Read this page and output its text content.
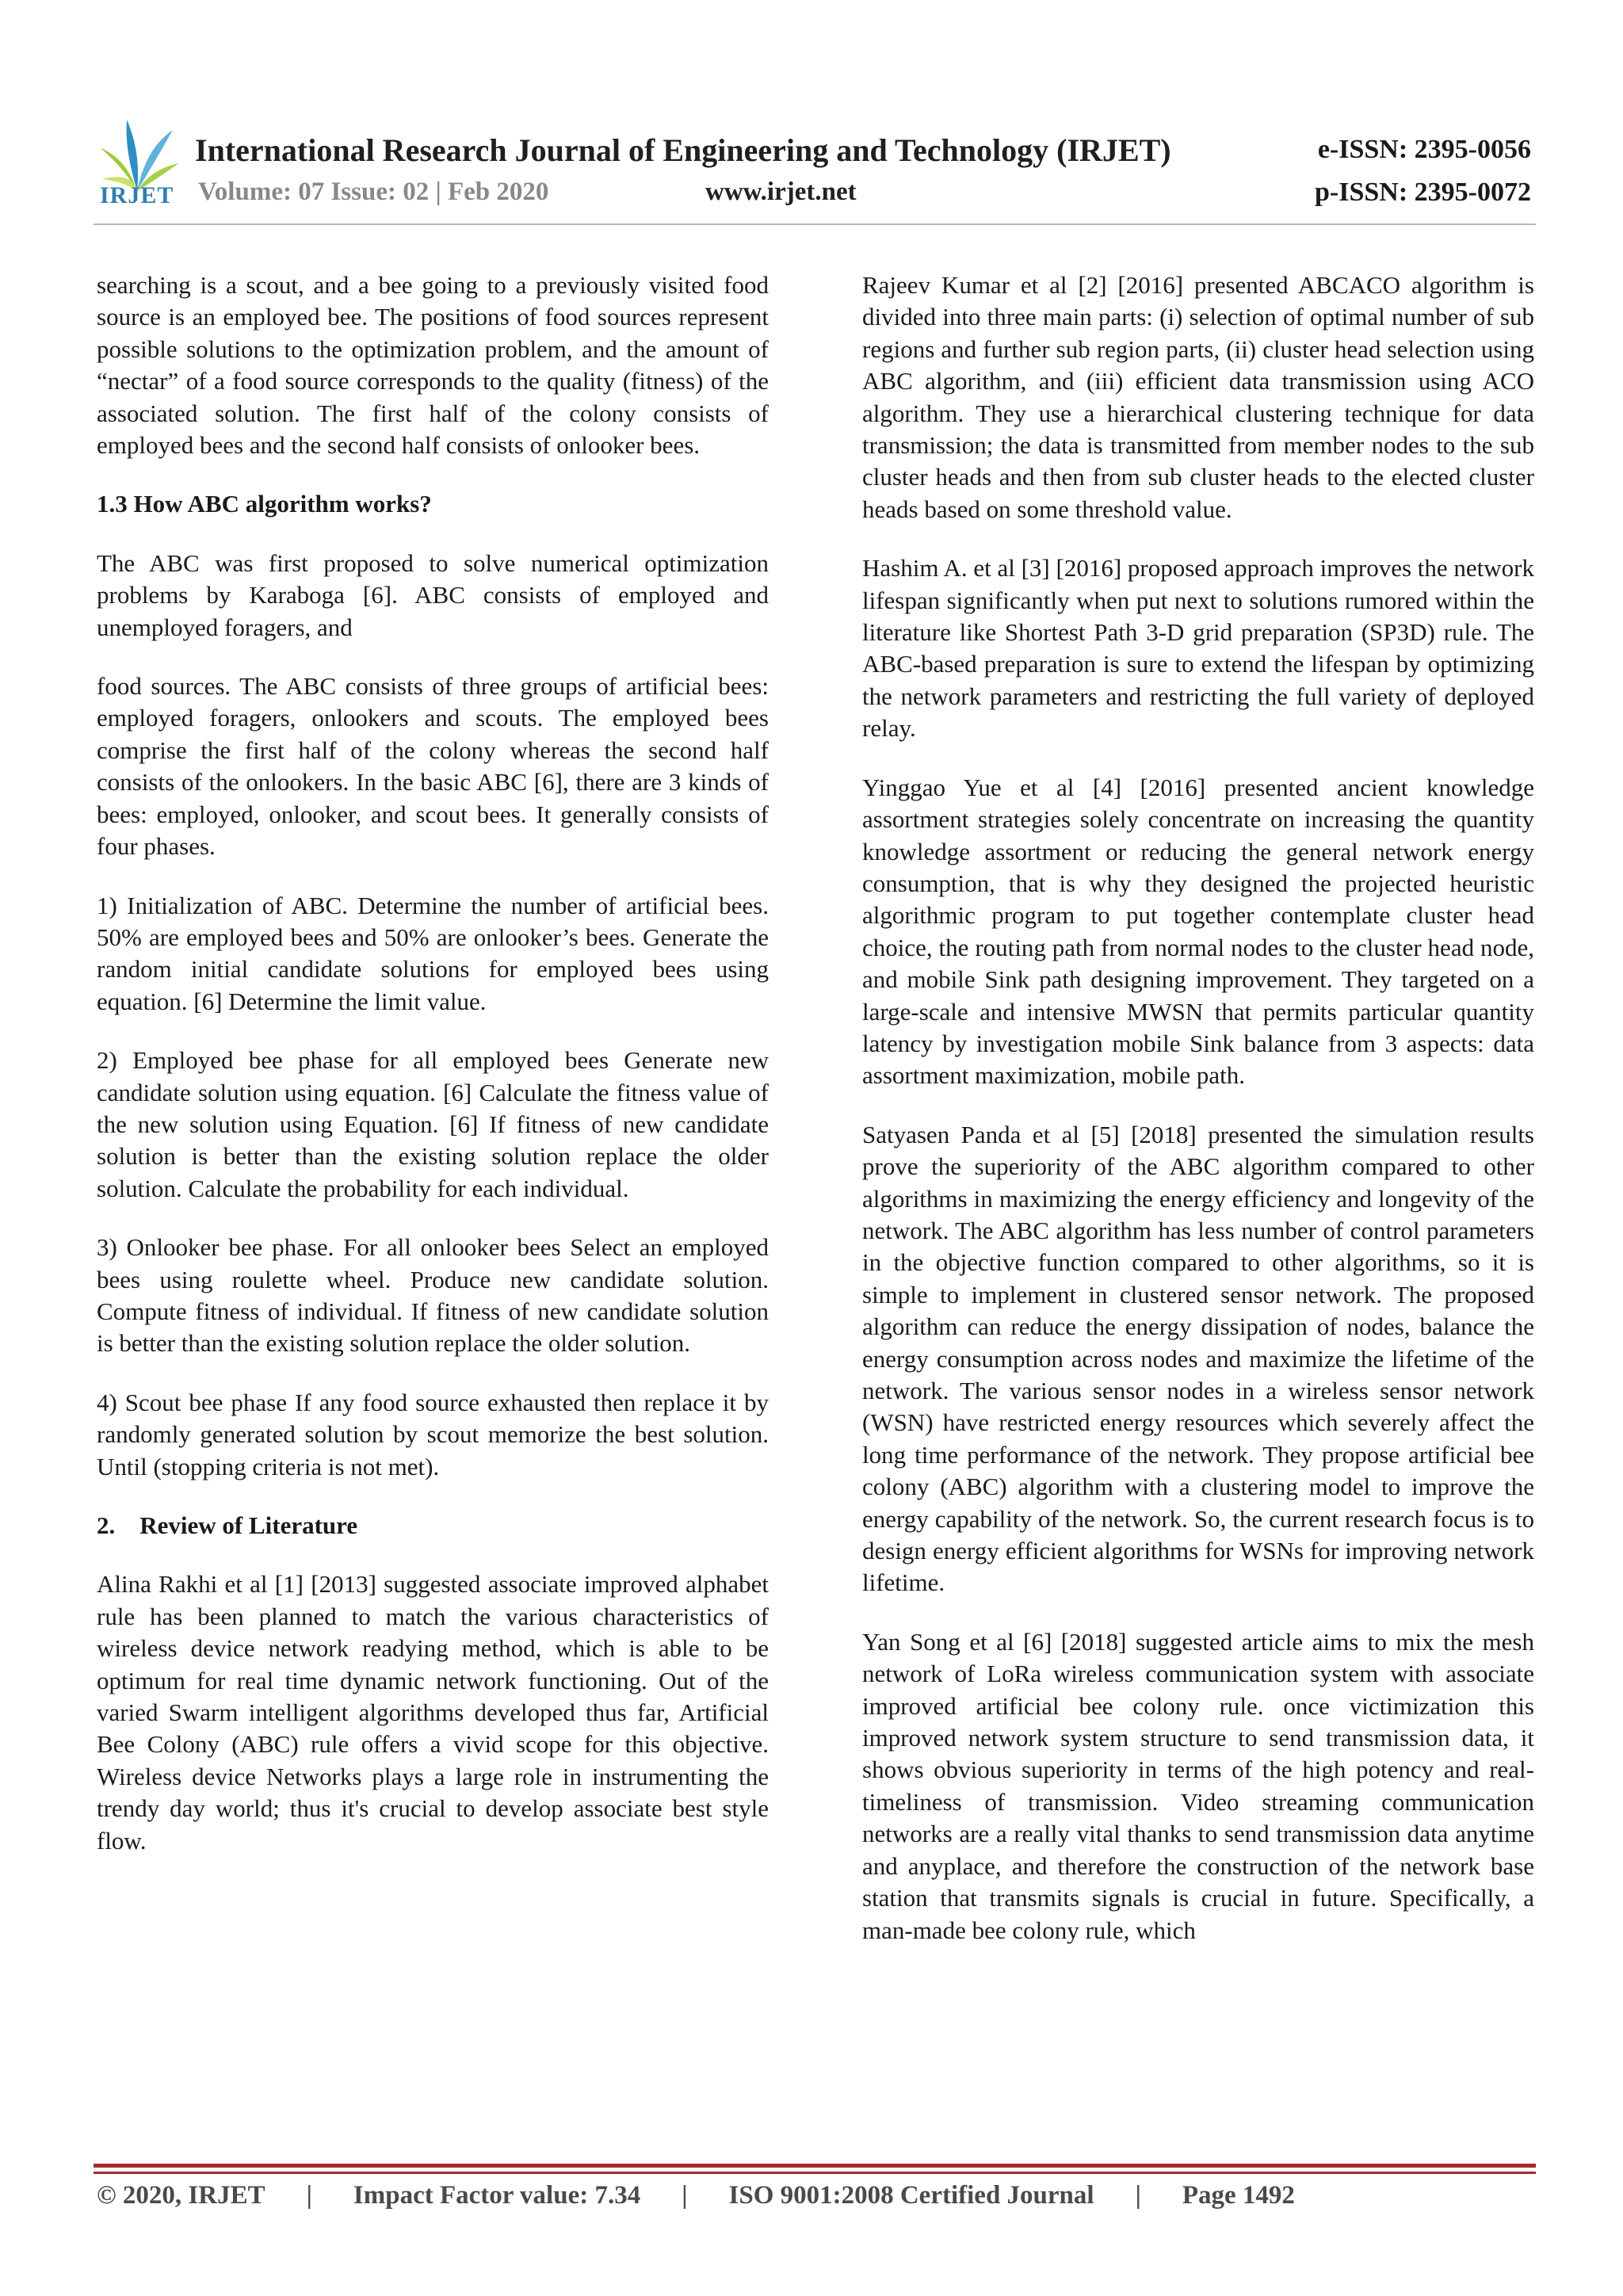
IRJET
International Research Journal of Engineering and Technology (IRJET)	e-ISSN: 2395-0056
Volume: 07 Issue: 02 | Feb 2020	www.irjet.net	p-ISSN: 2395-0072

searching is a scout, and a bee going to a previously visited food source is an employed bee. The positions of food sources represent possible solutions to the optimization problem, and the amount of “nectar” of a food source corresponds to the quality (fitness) of the associated solution. The first half of the colony consists of employed bees and the second half consists of onlooker bees.

1.3 How ABC algorithm works?

The ABC was first proposed to solve numerical optimization problems by Karaboga [6]. ABC consists of employed and unemployed foragers, and

food sources. The ABC consists of three groups of artificial bees: employed foragers, onlookers and scouts. The employed bees comprise the first half of the colony whereas the second half consists of the onlookers. In the basic ABC [6], there are 3 kinds of bees: employed, onlooker, and scout bees. It generally consists of four phases.

1) Initialization of ABC. Determine the number of artificial bees. 50% are employed bees and 50% are onlooker’s bees. Generate the random initial candidate solutions for employed bees using equation. [6] Determine the limit value.

2) Employed bee phase for all employed bees Generate new candidate solution using equation. [6] Calculate the fitness value of the new solution using Equation. [6] If fitness of new candidate solution is better than the existing solution replace the older solution. Calculate the probability for each individual.

3) Onlooker bee phase. For all onlooker bees Select an employed bees using roulette wheel. Produce new candidate solution. Compute fitness of individual. If fitness of new candidate solution is better than the existing solution replace the older solution.

4) Scout bee phase If any food source exhausted then replace it by randomly generated solution by scout memorize the best solution. Until (stopping criteria is not met).

2.    Review of Literature

Alina Rakhi et al [1] [2013] suggested associate improved alphabet rule has been planned to match the various characteristics of wireless device network readying method, which is able to be optimum for real time dynamic network functioning. Out of the varied Swarm intelligent algorithms developed thus far, Artificial Bee Colony (ABC) rule offers a vivid scope for this objective. Wireless device Networks plays a large role in instrumenting the trendy day world; thus it's crucial to develop associate best style flow.

Rajeev Kumar et al [2] [2016] presented ABCACO algorithm is divided into three main parts: (i) selection of optimal number of sub regions and further sub region parts, (ii) cluster head selection using ABC algorithm, and (iii) efficient data transmission using ACO algorithm. They use a hierarchical clustering technique for data transmission; the data is transmitted from member nodes to the sub cluster heads and then from sub cluster heads to the elected cluster heads based on some threshold value.

Hashim A. et al [3] [2016] proposed approach improves the network lifespan significantly when put next to solutions rumored within the literature like Shortest Path 3-D grid preparation (SP3D) rule. The ABC-based preparation is sure to extend the lifespan by optimizing the network parameters and restricting the full variety of deployed relay.

Yinggao Yue et al [4] [2016] presented ancient knowledge assortment strategies solely concentrate on increasing the quantity knowledge assortment or reducing the general network energy consumption, that is why they designed the projected heuristic algorithmic program to put together contemplate cluster head choice, the routing path from normal nodes to the cluster head node, and mobile Sink path designing improvement. They targeted on a large-scale and intensive MWSN that permits particular quantity latency by investigation mobile Sink balance from 3 aspects: data assortment maximization, mobile path.

Satyasen Panda et al [5] [2018] presented the simulation results prove the superiority of the ABC algorithm compared to other algorithms in maximizing the energy efficiency and longevity of the network. The ABC algorithm has less number of control parameters in the objective function compared to other algorithms, so it is simple to implement in clustered sensor network. The proposed algorithm can reduce the energy dissipation of nodes, balance the energy consumption across nodes and maximize the lifetime of the network. The various sensor nodes in a wireless sensor network (WSN) have restricted energy resources which severely affect the long time performance of the network. They propose artificial bee colony (ABC) algorithm with a clustering model to improve the energy capability of the network. So, the current research focus is to design energy efficient algorithms for WSNs for improving network lifetime.

Yan Song et al [6] [2018] suggested article aims to mix the mesh network of LoRa wireless communication system with associate improved artificial bee colony rule. once victimization this improved network system structure to send transmission data, it shows obvious superiority in terms of the high potency and real-timeliness of transmission. Video streaming communication networks are a really vital thanks to send transmission data anytime and anyplace, and therefore the construction of the network base station that transmits signals is crucial in future. Specifically, a man-made bee colony rule, which

© 2020, IRJET | Impact Factor value: 7.34 | ISO 9001:2008 Certified Journal | Page 1492
